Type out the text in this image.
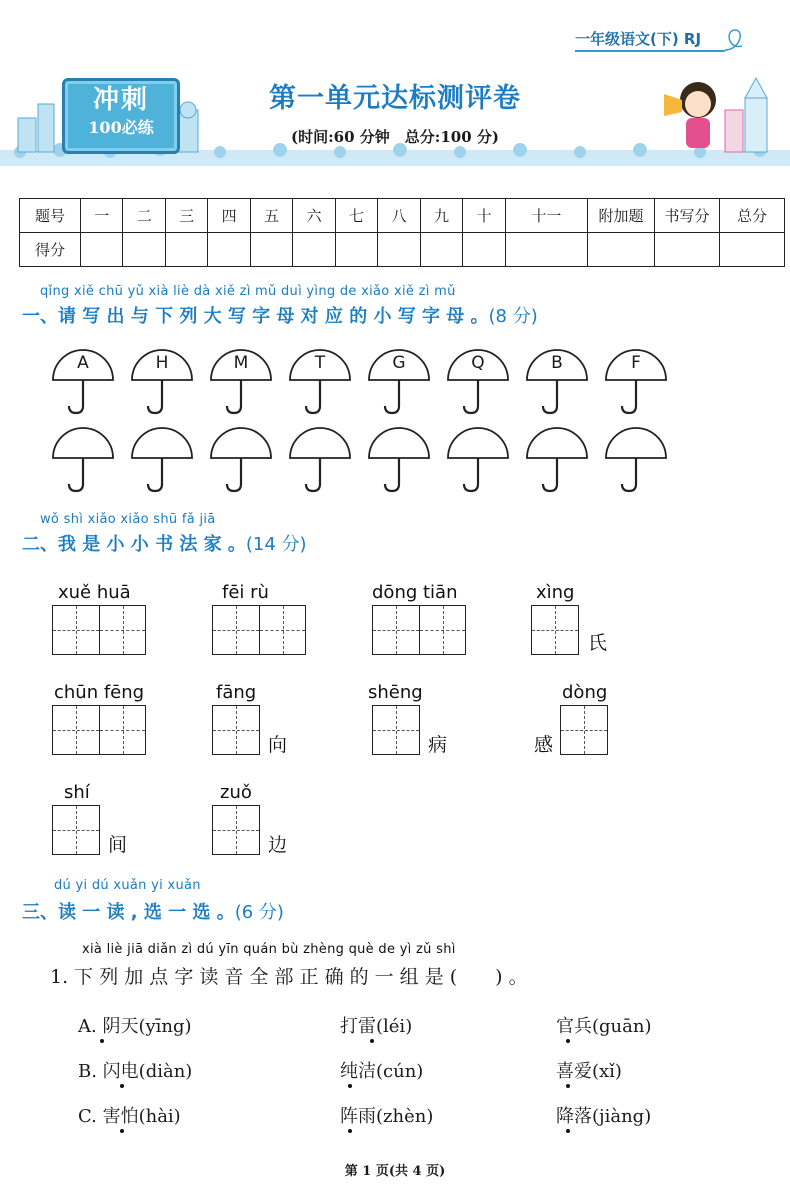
冲刺
100必练
一年级语文(下) RJ
第一单元达标测评卷
(时间:60 分钟　总分:100 分)
题号	一	二	三	四	五	六	七	八	九	十	十一	附加题	书写分	总分
得分														
qǐng xiě chū yǔ xià liè dà xiě zì mǔ duì yìng de xiǎo xiě zì mǔ
一、请 写 出 与 下 列 大 写 字 母 对 应 的 小 写 字 母 。(8 分)
A	H	M	T	G	Q	B	F
wǒ shì xiǎo xiǎo shū fǎ jiā
二、我 是 小 小 书 法 家 。(14 分)
xuě huā	fēi rù	dōng tiān	xìng
氏
chūn fēng	fāng
向
shēng
病
dòng
感
shí
间
zuǒ
边
dú yi dú xuǎn yi xuǎn
三、读 一 读 , 选 一 选 。(6 分)
xià liè jiā diǎn zì dú yīn quán bù zhèng què de yì zǔ shì
1. 下 列 加 点 字 读 音 全 部 正 确 的 一 组 是 (　　) 。
A. 阴天(yīng)	打雷(léi)	官兵(guān)
B. 闪电(diàn)	纯洁(cún)	喜爱(xǐ)
C. 害怕(hài)	阵雨(zhèn)	降落(jiàng)
第 1 页(共 4 页)
